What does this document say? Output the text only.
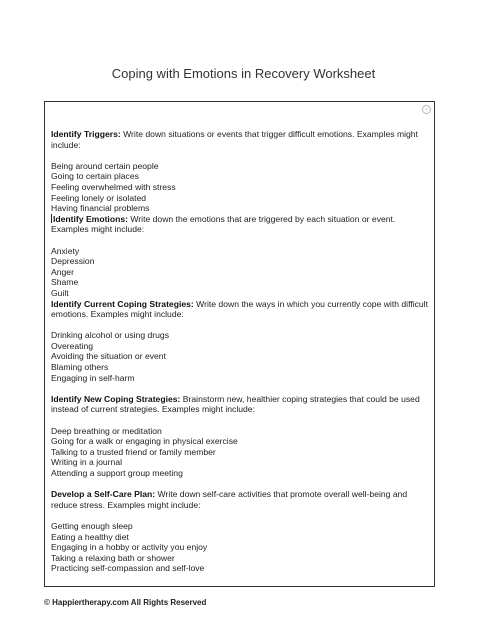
Coping with Emotions in Recovery Worksheet
⌄

Identify Triggers: Write down situations or events that trigger difficult emotions. Examples might include:

Being around certain people

Going to certain places

Feeling overwhelmed with stress

Feeling lonely or isolated

Having financial problems

Identify Emotions: Write down the emotions that are triggered by each situation or event. Examples might include:

Anxiety

Depression

Anger

Shame

Guilt

Identify Current Coping Strategies: Write down the ways in which you currently cope with difficult emotions. Examples might include:

Drinking alcohol or using drugs

Overeating

Avoiding the situation or event

Blaming others

Engaging in self-harm

Identify New Coping Strategies: Brainstorm new, healthier coping strategies that could be used instead of current strategies. Examples might include:

Deep breathing or meditation

Going for a walk or engaging in physical exercise

Talking to a trusted friend or family member

Writing in a journal

Attending a support group meeting

Develop a Self-Care Plan: Write down self-care activities that promote overall well-being and reduce stress. Examples might include:

Getting enough sleep

Eating a healthy diet

Engaging in a hobby or activity you enjoy

Taking a relaxing bath or shower

Practicing self-compassion and self-love

© Happiertherapy.com All Rights Reserved
